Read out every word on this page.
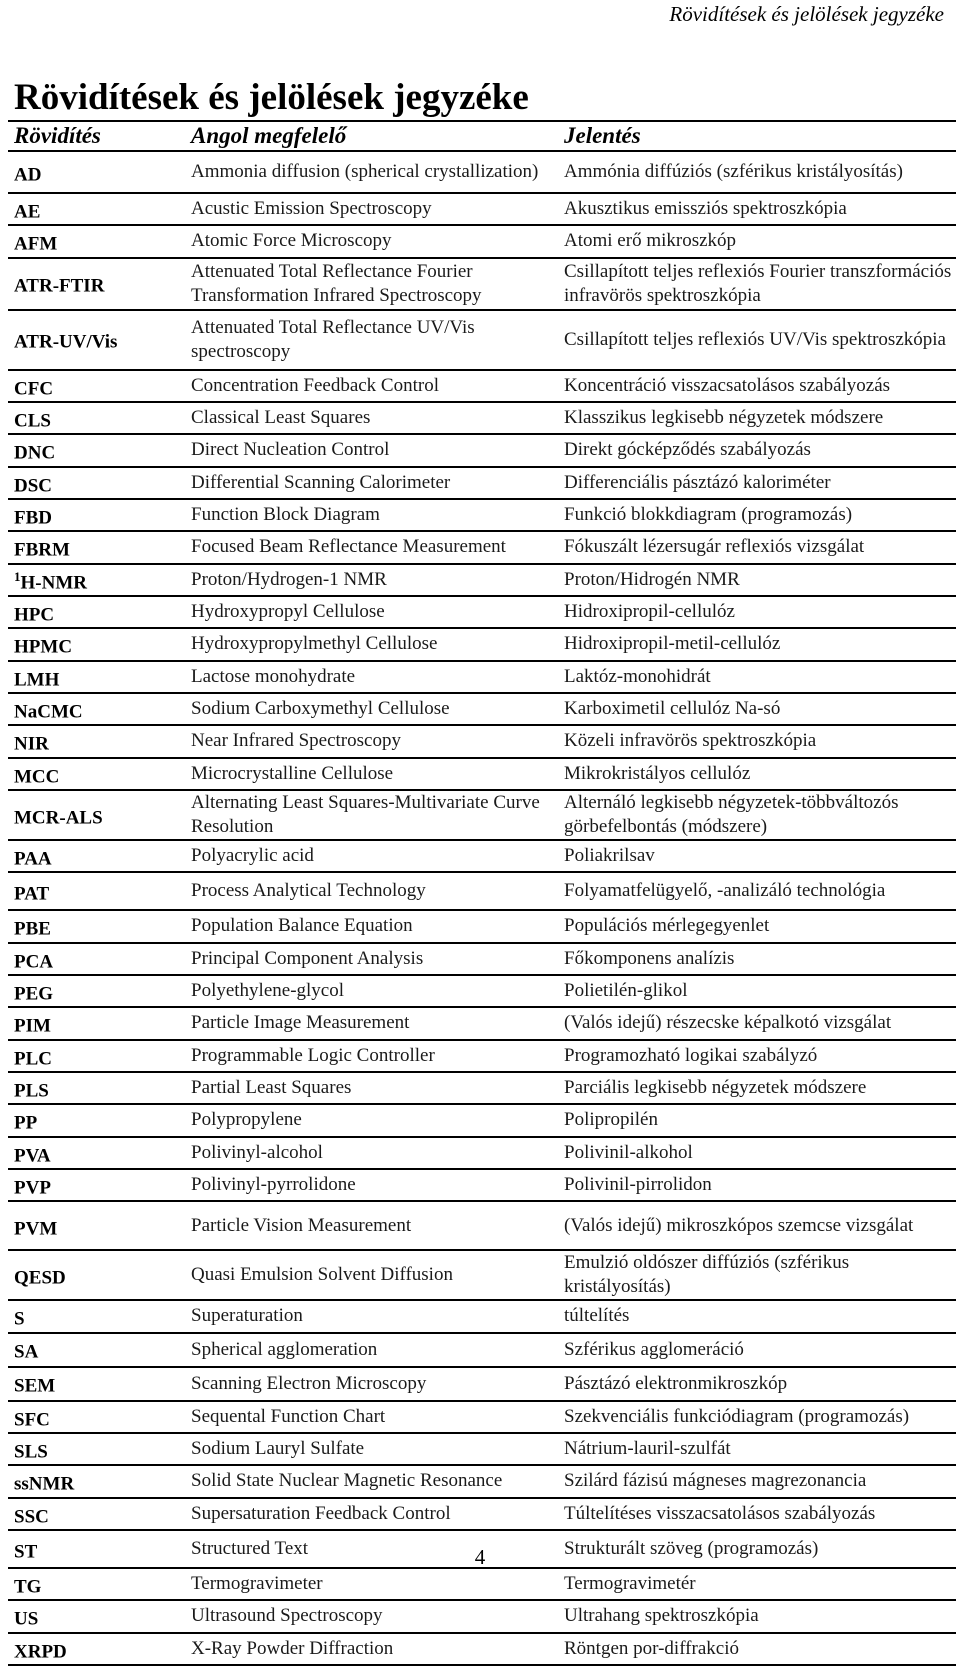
Rövidítések és jelölések jegyzéke
Rövidítések és jelölések jegyzéke
Rövidítés	Angol megfelelő	Jelentés
AD	Ammonia diffusion (spherical crystallization)	Ammónia diffúziós (szférikus kristályosítás)
AE	Acustic Emission Spectroscopy	Akusztikus emissziós spektroszkópia
AFM	Atomic Force Microscopy	Atomi erő mikroszkóp
ATR-FTIR	Attenuated Total Reflectance Fourier Transformation Infrared Spectroscopy	Csillapított teljes reflexiós Fourier transzformációs infravörös spektroszkópia
ATR-UV/Vis	Attenuated Total Reflectance UV/Vis spectroscopy	Csillapított teljes reflexiós UV/Vis spektroszkópia
CFC	Concentration Feedback Control	Koncentráció visszacsatolásos szabályozás
CLS	Classical Least Squares	Klasszikus legkisebb négyzetek módszere
DNC	Direct Nucleation Control	Direkt gócképződés szabályozás
DSC	Differential Scanning Calorimeter	Differenciális pásztázó kaloriméter
FBD	Function Block Diagram	Funkció blokkdiagram (programozás)
FBRM	Focused Beam Reflectance Measurement	Fókuszált lézersugár reflexiós vizsgálat
$^1$H-NMR	Proton/Hydrogen-1 NMR	Proton/Hidrogén NMR
HPC	Hydroxypropyl Cellulose	Hidroxipropil-cellulóz
HPMC	Hydroxypropylmethyl Cellulose	Hidroxipropil-metil-cellulóz
LMH	Lactose monohydrate	Laktóz-monohidrát
NaCMC	Sodium Carboxymethyl Cellulose	Karboximetil cellulóz Na-só
NIR	Near Infrared Spectroscopy	Közeli infravörös spektroszkópia
MCC	Microcrystalline Cellulose	Mikrokristályos cellulóz
MCR-ALS	Alternating Least Squares-Multivariate Curve Resolution	Alternáló legkisebb négyzetek-többváltozós görbefelbontás (módszere)
PAA	Polyacrylic acid	Poliakrilsav
PAT	Process Analytical Technology	Folyamatfelügyelő, -analizáló technológia
PBE	Population Balance Equation	Populációs mérlegegyenlet
PCA	Principal Component Analysis	Főkomponens analízis
PEG	Polyethylene-glycol	Polietilén-glikol
PIM	Particle Image Measurement	(Valós idejű) részecske képalkotó vizsgálat
PLC	Programmable Logic Controller	Programozható logikai szabályzó
PLS	Partial Least Squares	Parciális legkisebb négyzetek módszere
PP	Polypropylene	Polipropilén
PVA	Polivinyl-alcohol	Polivinil-alkohol
PVP	Polivinyl-pyrrolidone	Polivinil-pirrolidon
PVM	Particle Vision Measurement	(Valós idejű) mikroszkópos szemcse vizsgálat
QESD	Quasi Emulsion Solvent Diffusion	Emulzió oldószer diffúziós (szférikus kristályosítás)
S	Superaturation	túltelítés
SA	Spherical agglomeration	Szférikus agglomeráció
SEM	Scanning Electron Microscopy	Pásztázó elektronmikroszkóp
SFC	Sequental Function Chart	Szekvenciális funkciódiagram (programozás)
SLS	Sodium Lauryl Sulfate	Nátrium-lauril-szulfát
ssNMR	Solid State Nuclear Magnetic Resonance	Szilárd fázisú mágneses magrezonancia
SSC	Supersaturation Feedback Control	Túltelítéses visszacsatolásos szabályozás
ST	Structured Text	Strukturált szöveg (programozás)
TG	Termogravimeter	Termogravimetér
US	Ultrasound Spectroscopy	Ultrahang spektroszkópia
XRPD	X-Ray Powder Diffraction	Röntgen por-diffrakció
4
